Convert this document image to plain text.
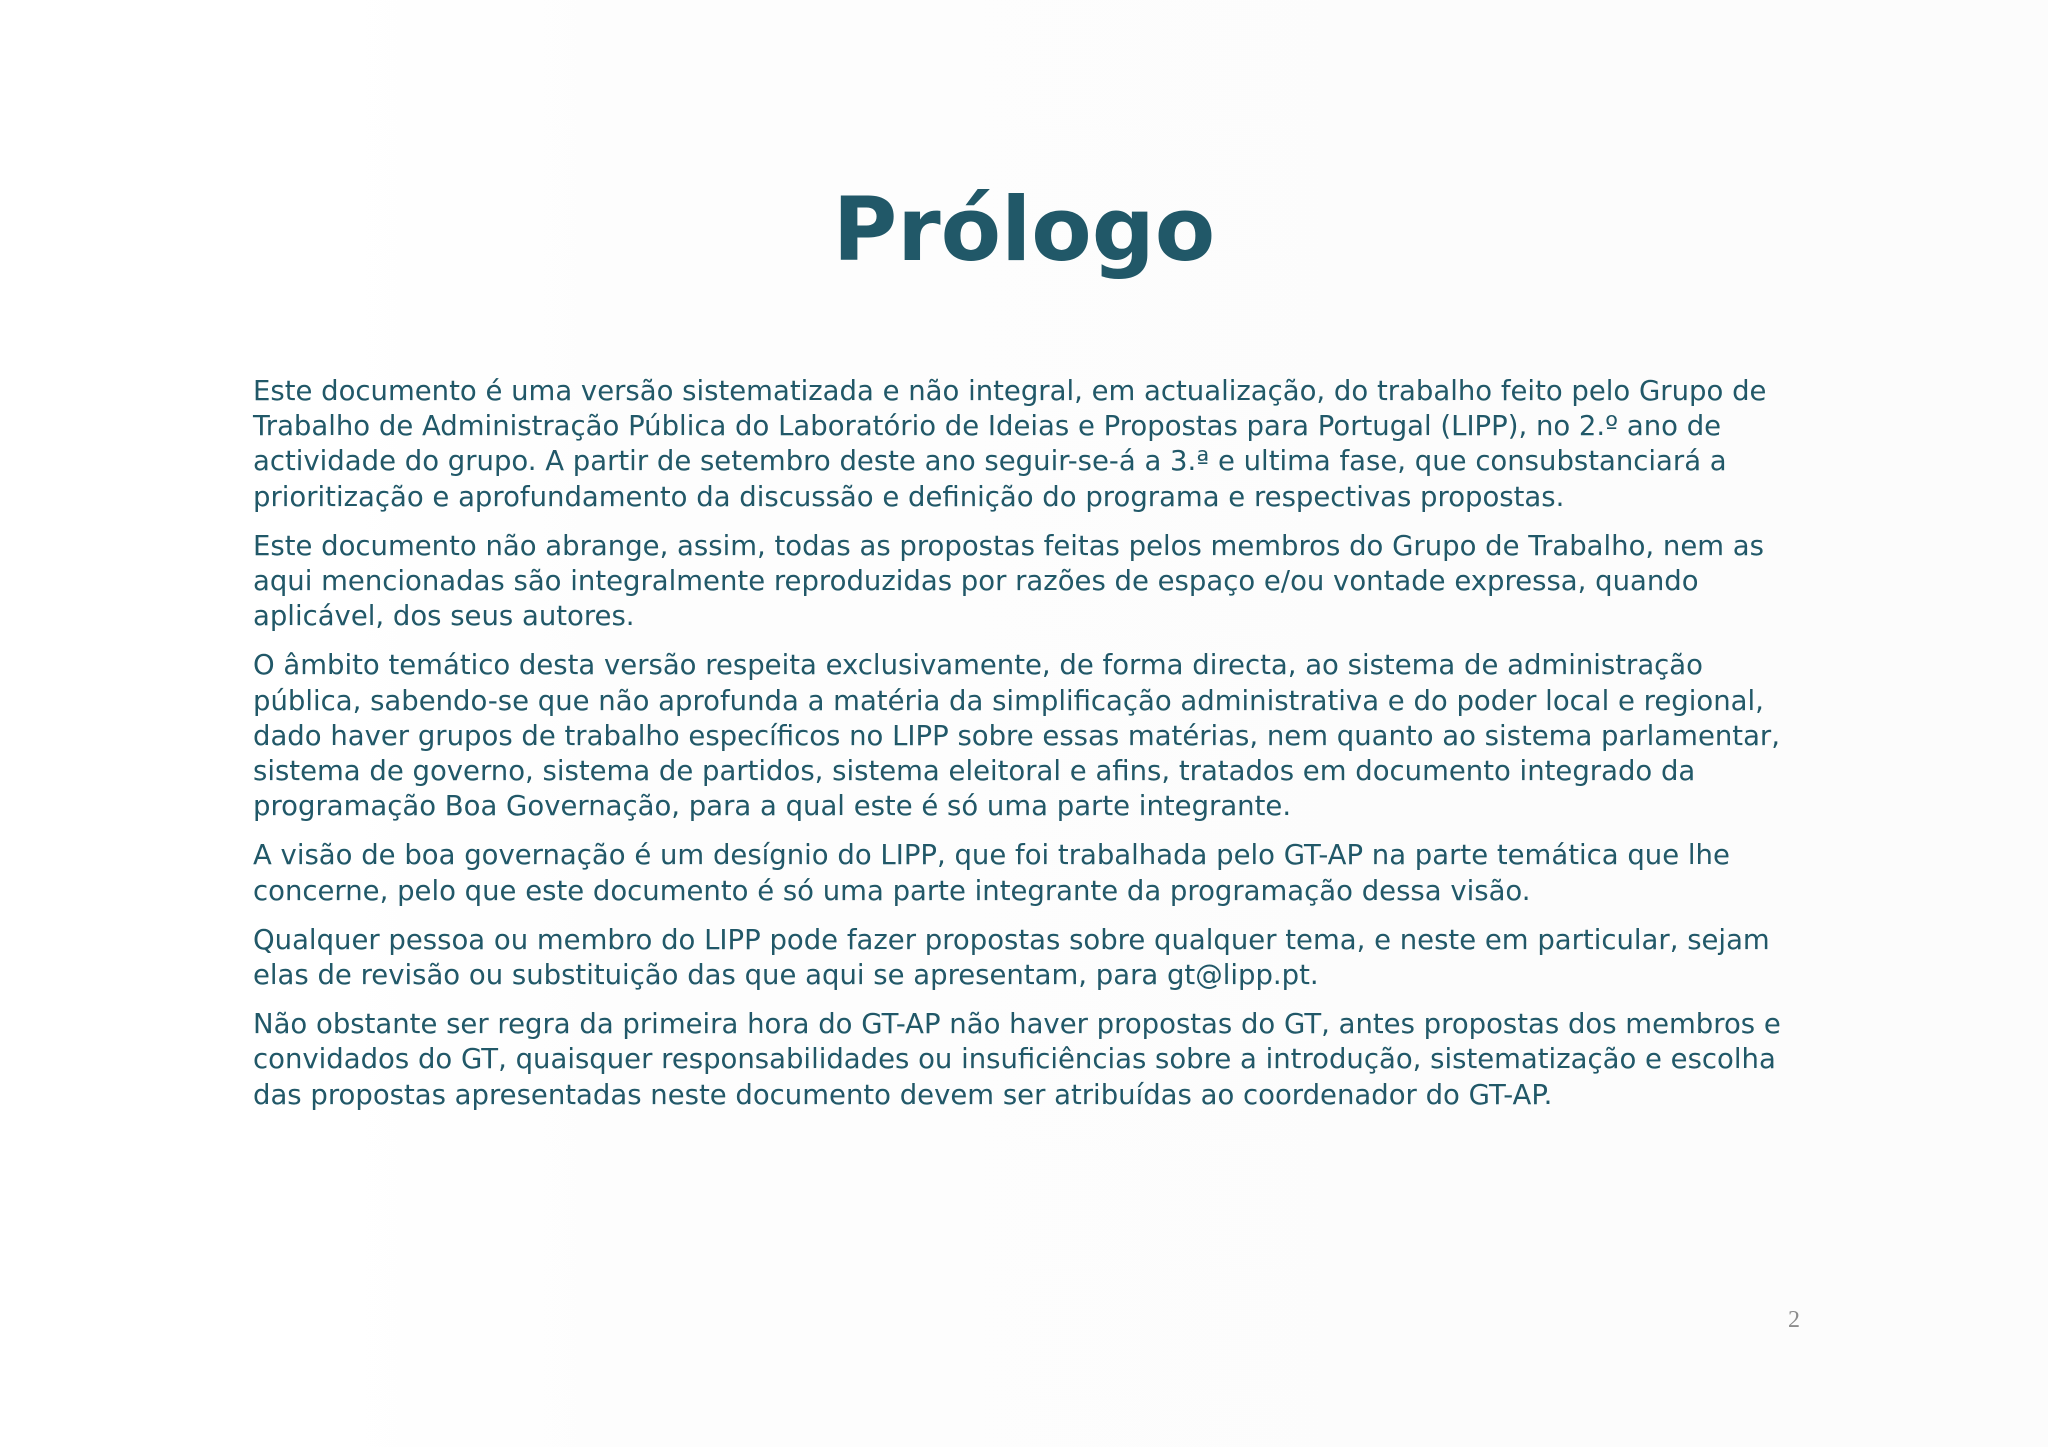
Prólogo

Este documento é uma versão sistematizada e não integral, em actualização, do trabalho feito pelo Grupo de Trabalho de Administração Pública do Laboratório de Ideias e Propostas para Portugal (LIPP), no 2.º ano de actividade do grupo. A partir de setembro deste ano seguir-se-á a 3.ª e ultima fase, que consubstanciará a prioritização e aprofundamento da discussão e definição do programa e respectivas propostas.

Este documento não abrange, assim, todas as propostas feitas pelos membros do Grupo de Trabalho, nem as aqui mencionadas são integralmente reproduzidas por razões de espaço e/ou vontade expressa, quando aplicável, dos seus autores.

O âmbito temático desta versão respeita exclusivamente, de forma directa, ao sistema de administração pública, sabendo-se que não aprofunda a matéria da simplificação administrativa e do poder local e regional, dado haver grupos de trabalho específicos no LIPP sobre essas matérias, nem quanto ao sistema parlamentar, sistema de governo, sistema de partidos, sistema eleitoral e afins, tratados em documento integrado da programação Boa Governação, para a qual este é só uma parte integrante.

A visão de boa governação é um desígnio do LIPP, que foi trabalhada pelo GT-AP na parte temática que lhe concerne, pelo que este documento é só uma parte integrante da programação dessa visão.

Qualquer pessoa ou membro do LIPP pode fazer propostas sobre qualquer tema, e neste em particular, sejam elas de revisão ou substituição das que aqui se apresentam, para gt@lipp.pt.

Não obstante ser regra da primeira hora do GT-AP não haver propostas do GT, antes propostas dos membros e convidados do GT, quaisquer responsabilidades ou insuficiências sobre a introdução, sistematização e escolha das propostas apresentadas neste documento devem ser atribuídas ao coordenador do GT-AP.

2
